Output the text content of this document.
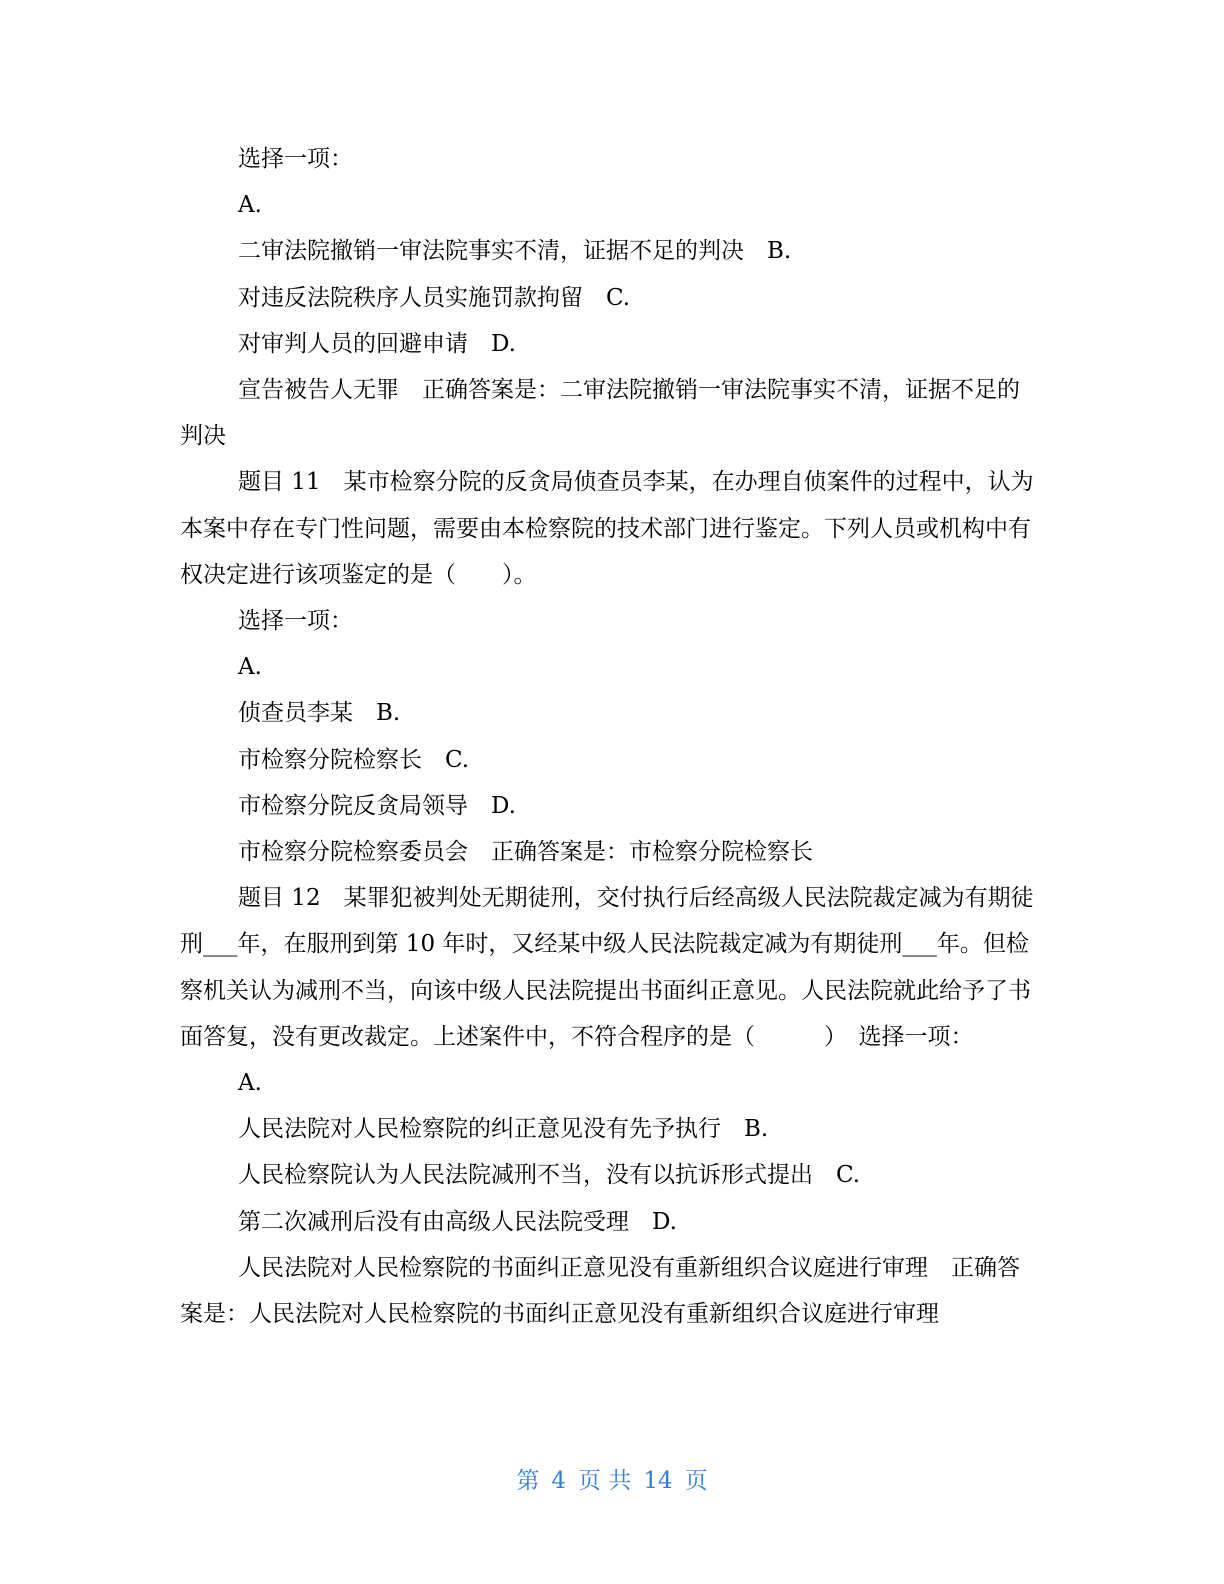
选择一项：

A.

二审法院撤销一审法院事实不清，证据不足的判决　B.

对违反法院秩序人员实施罚款拘留　C.

对审判人员的回避申请　D.

宣告被告人无罪　正确答案是：二审法院撤销一审法院事实不清，证据不足的判决

题目 11　某市检察分院的反贪局侦查员李某，在办理自侦案件的过程中，认为本案中存在专门性问题，需要由本检察院的技术部门进行鉴定。下列人员或机构中有权决定进行该项鉴定的是（　　）。

选择一项：

A.

侦查员李某　B.

市检察分院检察长　C.

市检察分院反贪局领导　D.

市检察分院检察委员会　正确答案是：市检察分院检察长

题目 12　某罪犯被判处无期徒刑，交付执行后经高级人民法院裁定减为有期徒刑___年，在服刑到第 10 年时，又经某中级人民法院裁定减为有期徒刑___年。但检察机关认为减刑不当，向该中级人民法院提出书面纠正意见。人民法院就此给予了书面答复，没有更改裁定。上述案件中，不符合程序的是（　　　）　选择一项：

A.

人民法院对人民检察院的纠正意见没有先予执行　B.

人民检察院认为人民法院减刑不当，没有以抗诉形式提出　C.

第二次减刑后没有由高级人民法院受理　D.

人民法院对人民检察院的书面纠正意见没有重新组织合议庭进行审理　正确答案是：人民法院对人民检察院的书面纠正意见没有重新组织合议庭进行审理

第 4 页 共 14 页
